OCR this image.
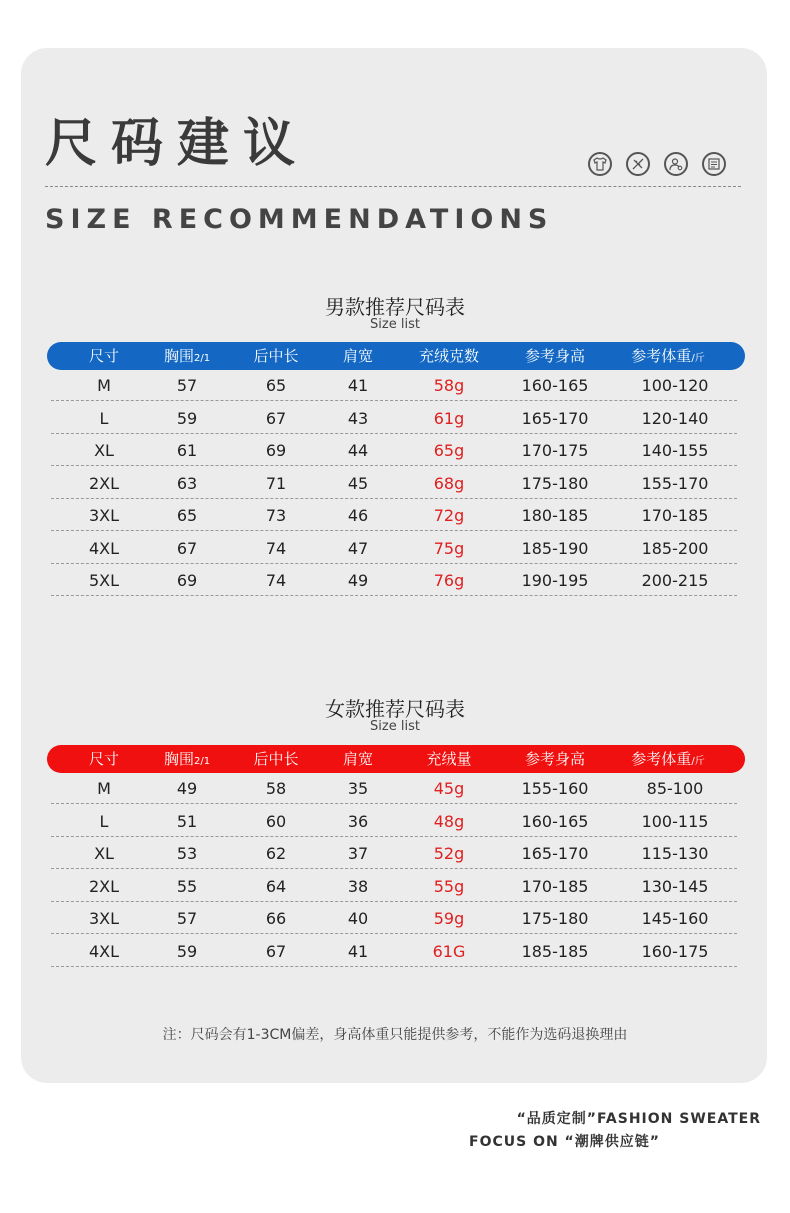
尺码建议
SIZE RECOMMENDATIONS
男款推荐尺码表
Size list
尺寸	胸围2/1	后中长	肩宽	充绒克数	参考身高	参考体重/斤
M	57	65	41	58g	160-165	100-120
L	59	67	43	61g	165-170	120-140
XL	61	69	44	65g	170-175	140-155
2XL	63	71	45	68g	175-180	155-170
3XL	65	73	46	72g	180-185	170-185
4XL	67	74	47	75g	185-190	185-200
5XL	69	74	49	76g	190-195	200-215
女款推荐尺码表
Size list
尺寸	胸围2/1	后中长	肩宽	充绒量	参考身高	参考体重/斤
M	49	58	35	45g	155-160	85-100
L	51	60	36	48g	160-165	100-115
XL	53	62	37	52g	165-170	115-130
2XL	55	64	38	55g	170-185	130-145
3XL	57	66	40	59g	175-180	145-160
4XL	59	67	41	61G	185-185	160-175
注：尺码会有1-3CM偏差，身高体重只能提供参考，不能作为选码退换理由
“品质定制”FASHION SWEATER
FOCUS ON “潮牌供应链”
